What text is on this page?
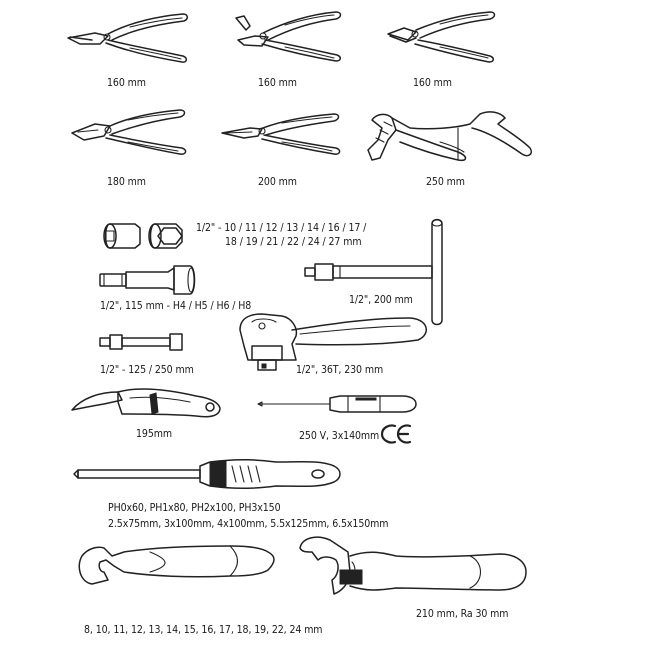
160 mm	160 mm	160 mm
180 mm	200 mm	250 mm
1/2" - 10 / 11 / 12 / 13 / 14 / 16 / 17 /
18 / 19 / 21 / 22 / 24 / 27 mm
1/2", 115 mm - H4 / H5 / H6 / H8	1/2", 200 mm
1/2" - 125 / 250 mm	1/2", 36T, 230 mm
195mm	250 V, 3x140mm
PH0x60, PH1x80, PH2x100, PH3x150
2.5x75mm, 3x100mm, 4x100mm, 5.5x125mm, 6.5x150mm
8, 10, 11, 12, 13, 14, 15, 16, 17, 18, 19, 22, 24 mm
210 mm, Ra 30 mm
